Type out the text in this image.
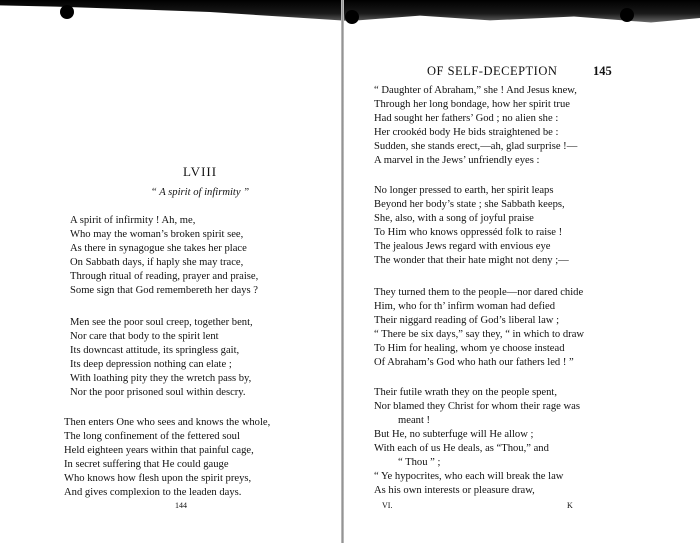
LVIII
“ A spirit of infirmity ”
A spirit of infirmity ! Ah, me,
Who may the woman’s broken spirit see,
As there in synagogue she takes her place
On Sabbath days, if haply she may trace,
Through ritual of reading, prayer and praise,
Some sign that God remembereth her days ?
Men see the poor soul creep, together bent,
Nor care that body to the spirit lent
Its downcast attitude, its springless gait,
Its deep depression nothing can elate ;
With loathing pity they the wretch pass by,
Nor the poor prisoned soul within descry.
Then enters One who sees and knows the whole,
The long confinement of the fettered soul
Held eighteen years within that painful cage,
In secret suffering that He could gauge
Who knows how flesh upon the spirit preys,
And gives complexion to the leaden days.
144
OF SELF-DECEPTION	145
“ Daughter of Abraham,” she ! And Jesus knew,
Through her long bondage, how her spirit true
Had sought her fathers’ God ; no alien she :
Her crookéd body He bids straightened be :
Sudden, she stands erect,—ah, glad surprise !—
A marvel in the Jews’ unfriendly eyes :
No longer pressed to earth, her spirit leaps
Beyond her body’s state ; she Sabbath keeps,
She, also, with a song of joyful praise
To Him who knows oppresséd folk to raise !
The jealous Jews regard with envious eye
The wonder that their hate might not deny ;—
They turned them to the people—nor dared chide
Him, who for th’ infirm woman had defied
Their niggard reading of God’s liberal law ;
“ There be six days,” say they, “ in which to draw
To Him for healing, whom ye choose instead
Of Abraham’s God who hath our fathers led ! ”
Their futile wrath they on the people spent,
Nor blamed they Christ for whom their rage was
meant !
But He, no subterfuge will He allow ;
With each of us He deals, as “Thou,” and
“ Thou ” ;
“ Ye hypocrites, who each will break the law
As his own interests or pleasure draw,
VI.	K
